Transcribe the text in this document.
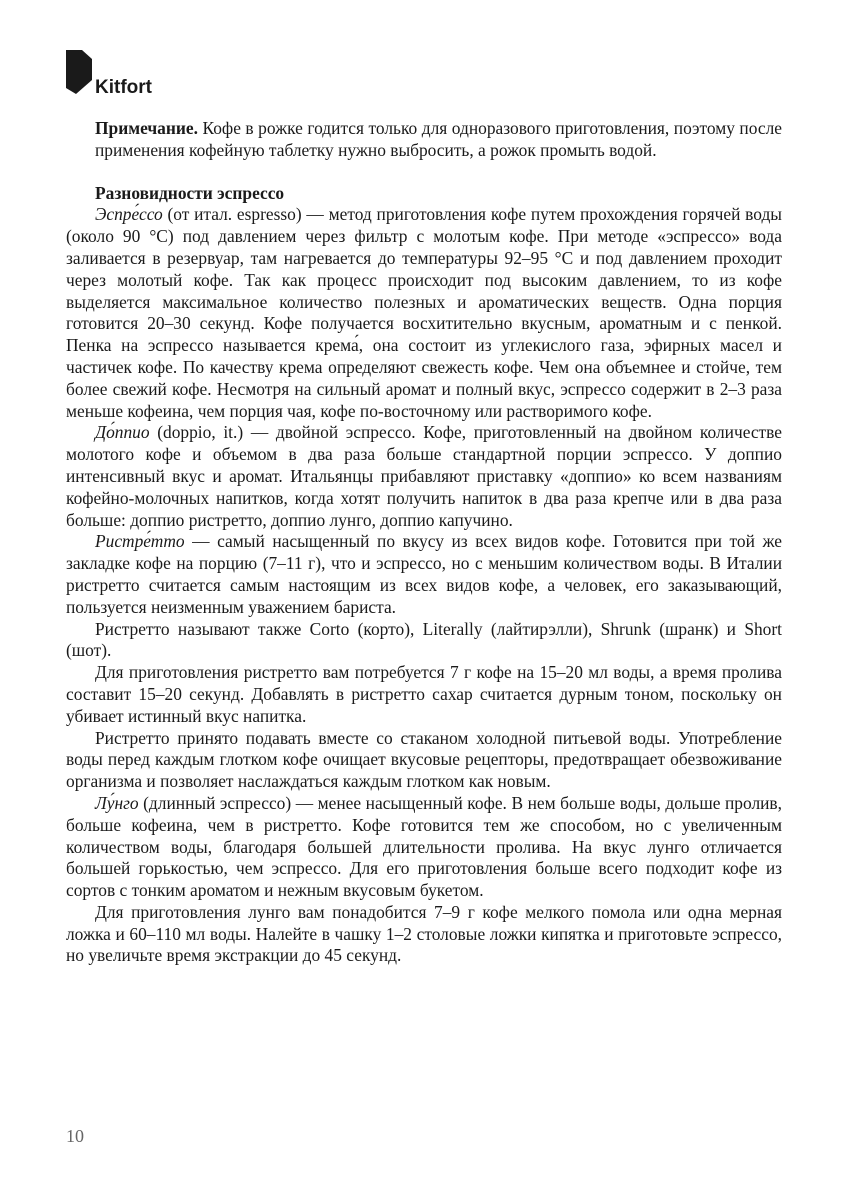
Kitfort

Примечание. Кофе в рожке годится только для одноразового приготовления, поэтому после применения кофейную таблетку нужно выбросить, а рожок промыть водой.

Разновидности эспрессо

Эспре́ссо (от итал. espresso) — метод приготовления кофе путем прохождения горячей воды (около 90 °С) под давлением через фильтр с молотым кофе. При методе «эспрессо» вода заливается в резервуар, там нагревается до температуры 92–95 °С и под давлением проходит через молотый кофе. Так как процесс происходит под высоким давлением, то из кофе выделяется максимальное количество полезных и ароматических веществ. Одна порция готовится 20–30 секунд. Кофе получается восхитительно вкусным, ароматным и с пенкой. Пенка на эспрессо называется крема́, она состоит из углекислого газа, эфирных масел и частичек кофе. По качеству крема определяют свежесть кофе. Чем она объемнее и стойче, тем более свежий кофе. Несмотря на сильный аромат и полный вкус, эспрессо содержит в 2–3 раза меньше кофеина, чем порция чая, кофе по-восточному или растворимого кофе.

До́ппио (doppio, it.) — двойной эспрессо. Кофе, приготовленный на двойном количестве молотого кофе и объемом в два раза больше стандартной порции эспрессо. У доппио интенсивный вкус и аромат. Итальянцы прибавляют приставку «доппио» ко всем названиям кофейно-молочных напитков, когда хотят получить напиток в два раза крепче или в два раза больше: доппио ристретто, доппио лунго, доппио капучино.

Ристре́тто — самый насыщенный по вкусу из всех видов кофе. Готовится при той же закладке кофе на порцию (7–11 г), что и эспрессо, но с меньшим количеством воды. В Италии ристретто считается самым настоящим из всех видов кофе, а человек, его заказывающий, пользуется неизменным уважением бариста.

Ристретто называют также Corto (корто), Literally (лайтирэлли), Shrunk (шранк) и Short (шот).

Для приготовления ристретто вам потребуется 7 г кофе на 15–20 мл воды, а время пролива составит 15–20 секунд. Добавлять в ристретто сахар считается дурным тоном, поскольку он убивает истинный вкус напитка.

Ристретто принято подавать вместе со стаканом холодной питьевой воды. Употребление воды перед каждым глотком кофе очищает вкусовые рецепторы, предотвращает обезвоживание организма и позволяет наслаждаться каждым глотком как новым.

Лу́нго (длинный эспрессо) — менее насыщенный кофе. В нем больше воды, дольше пролив, больше кофеина, чем в ристретто. Кофе готовится тем же способом, но с увеличенным количеством воды, благодаря большей длительности пролива. На вкус лунго отличается большей горькостью, чем эспрессо. Для его приготовления больше всего подходит кофе из сортов с тонким ароматом и нежным вкусовым букетом.

Для приготовления лунго вам понадобится 7–9 г кофе мелкого помола или одна мерная ложка и 60–110 мл воды. Налейте в чашку 1–2 столовые ложки кипятка и приготовьте эспрессо, но увеличьте время экстракции до 45 секунд.

10
